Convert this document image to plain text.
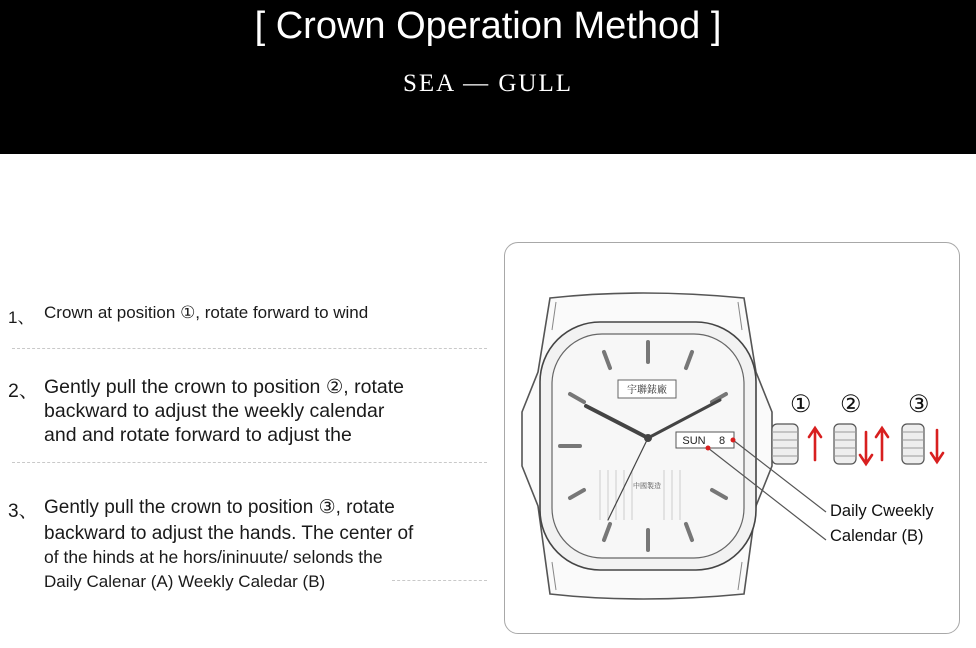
[ Crown Operation Method ]
SEA — GULL
1、 Crown at position ①, rotate forward to wind
2、 Gently pull the crown to position ②, rotate
backward to adjust the weekly calendar
and and rotate forward to adjust the
3、 Gently pull the crown to position ③, rotate
backward to adjust the hands. The center of
of the hinds at he hors/ininuute/ selonds the
Daily Calenar (A) Weekly Caledar (B)
宇聯錶廠
中國製造
SUN 8
① ② ③
Daily Cweekly
Calendar (B)
